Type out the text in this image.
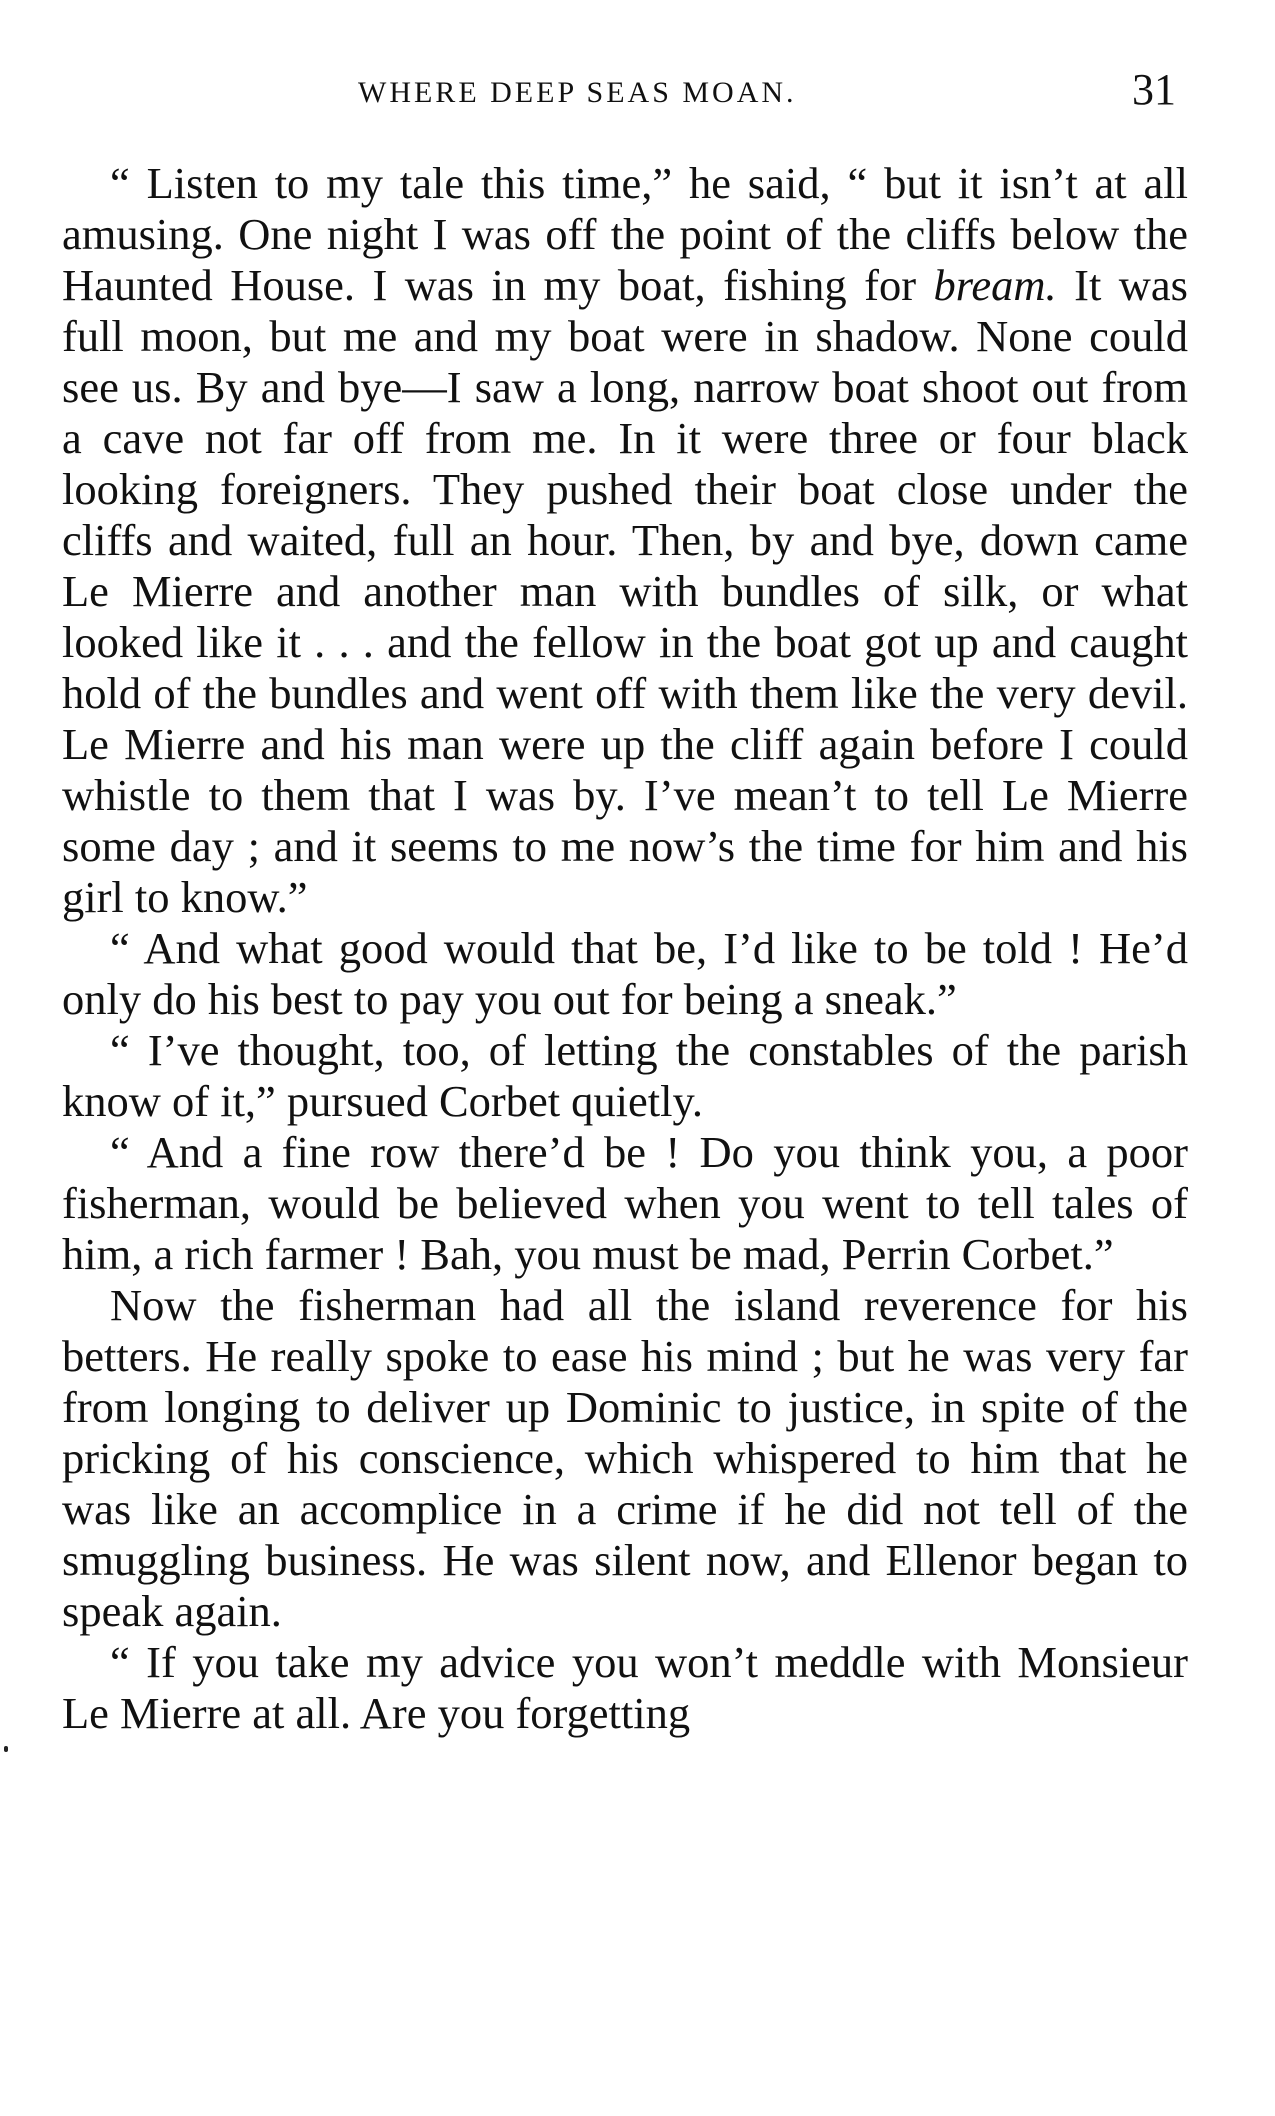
WHERE DEEP SEAS MOAN.	31

“ Listen to my tale this time,” he said, “ but it isn’t at all amusing. One night I was off the point of the cliffs below the Haunted House. I was in my boat, fishing for bream. It was full moon, but me and my boat were in shadow. None could see us. By and bye—I saw a long, narrow boat shoot out from a cave not far off from me. In it were three or four black looking foreigners. They pushed their boat close under the cliffs and waited, full an hour. Then, by and bye, down came Le Mierre and another man with bundles of silk, or what looked like it . . . and the fellow in the boat got up and caught hold of the bundles and went off with them like the very devil. Le Mierre and his man were up the cliff again before I could whistle to them that I was by. I’ve mean’t to tell Le Mierre some day ; and it seems to me now’s the time for him and his girl to know.”

“ And what good would that be, I’d like to be told ! He’d only do his best to pay you out for being a sneak.”

“ I’ve thought, too, of letting the constables of the parish know of it,” pursued Corbet quietly.

“ And a fine row there’d be ! Do you think you, a poor fisherman, would be believed when you went to tell tales of him, a rich farmer ! Bah, you must be mad, Perrin Corbet.”

Now the fisherman had all the island reverence for his betters. He really spoke to ease his mind ; but he was very far from longing to deliver up Dominic to justice, in spite of the pricking of his conscience, which whispered to him that he was like an accomplice in a crime if he did not tell of the smuggling business. He was silent now, and Ellenor began to speak again.

“ If you take my advice you won’t meddle with Monsieur Le Mierre at all. Are you forgetting
